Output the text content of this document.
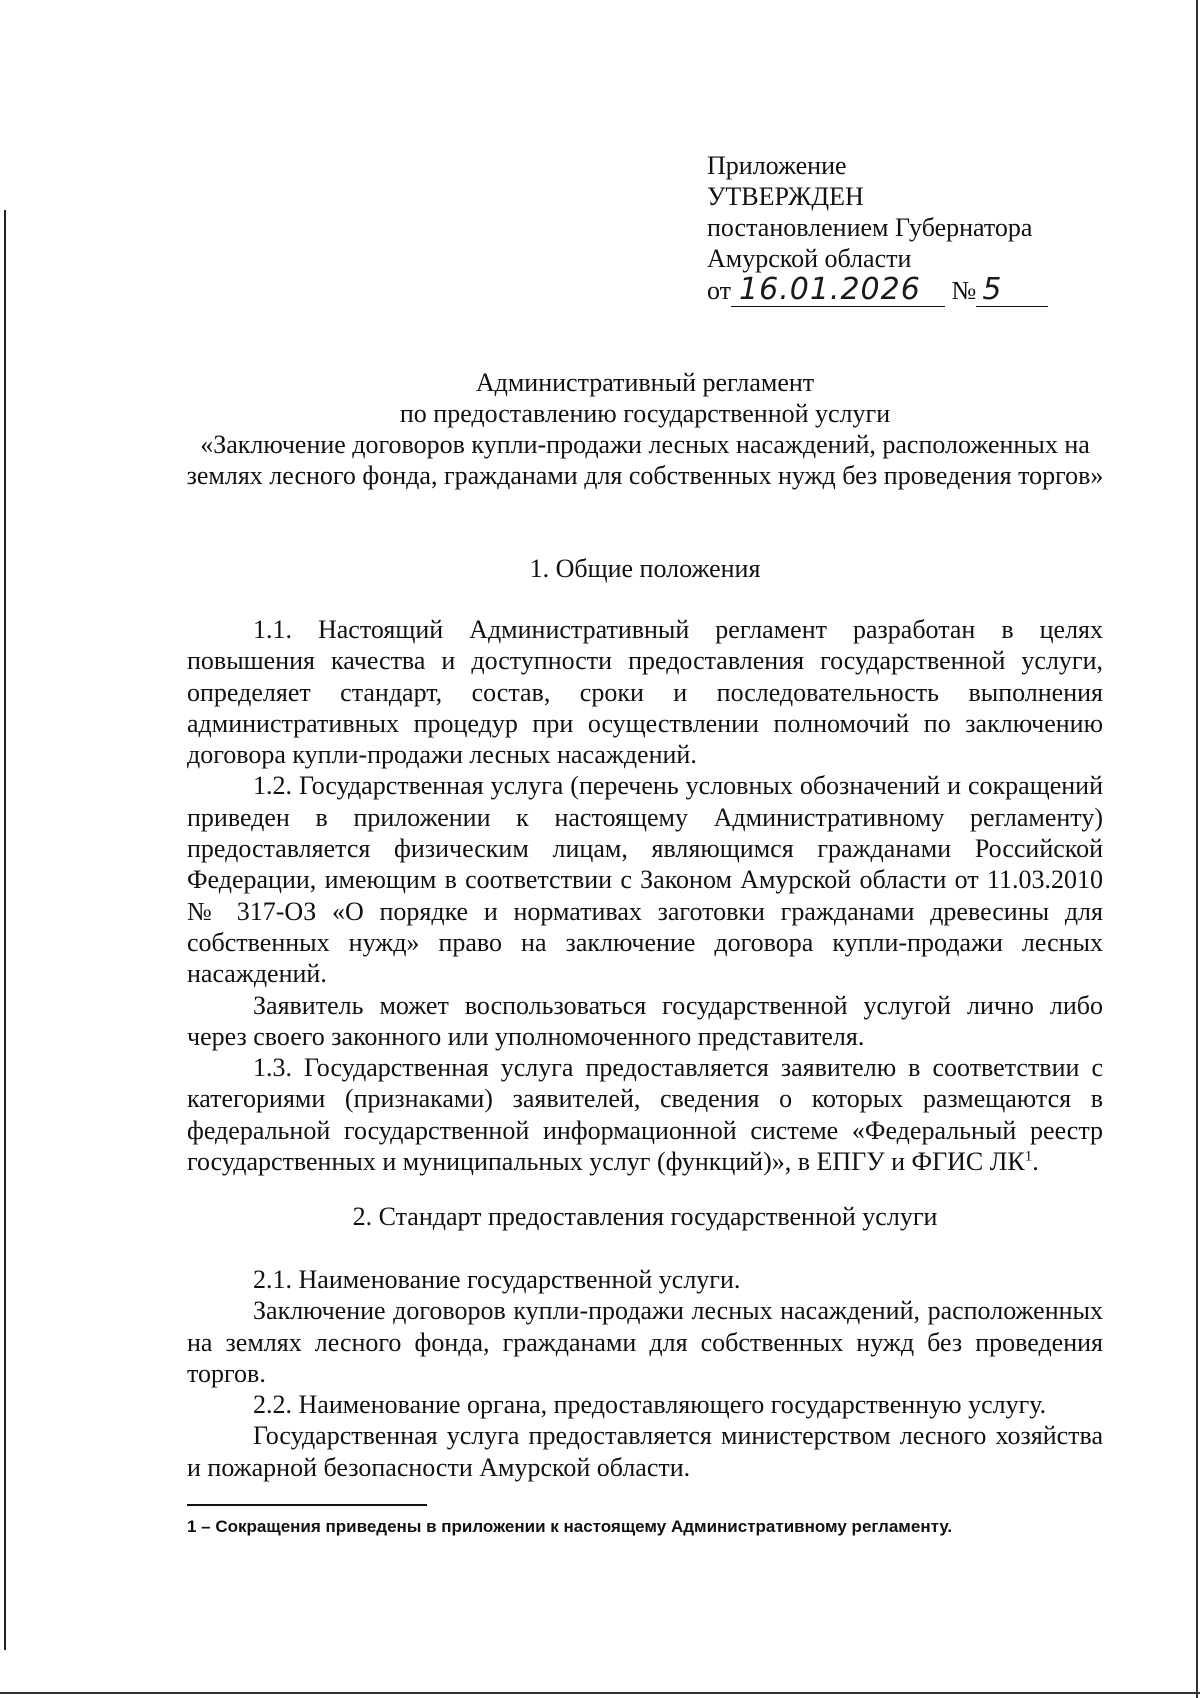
Приложение
УТВЕРЖДЕН
постановлением Губернатора
Амурской области
от 16.01.2026 № 5
Административный регламент
по предоставлению государственной услуги
«Заключение договоров купли-продажи лесных насаждений, расположенных на землях лесного фонда, гражданами для собственных нужд без проведения торгов»
1. Общие положения

1.1. Настоящий Административный регламент разработан в целях повышения качества и доступности предоставления государственной услуги, определяет стандарт, состав, сроки и последовательность выполнения административных процедур при осуществлении полномочий по заключению договора купли-продажи лесных насаждений.

1.2. Государственная услуга (перечень условных обозначений и сокращений приведен в приложении к настоящему Административному регламенту) предоставляется физическим лицам, являющимся гражданами Российской Федерации, имеющим в соответствии с Законом Амурской области от 11.03.2010 № 317-ОЗ «О порядке и нормативах заготовки гражданами древесины для собственных нужд» право на заключение договора купли-продажи лесных насаждений.

Заявитель может воспользоваться государственной услугой лично либо через своего законного или уполномоченного представителя.

1.3. Государственная услуга предоставляется заявителю в соответствии с категориями (признаками) заявителей, сведения о которых размещаются в федеральной государственной информационной системе «Федеральный реестр государственных и муниципальных услуг (функций)», в ЕПГУ и ФГИС $ЛК^1$.

2. Стандарт предоставления государственной услуги

2.1. Наименование государственной услуги.

Заключение договоров купли-продажи лесных насаждений, расположенных на землях лесного фонда, гражданами для собственных нужд без проведения торгов.

2.2. Наименование органа, предоставляющего государственную услугу.

Государственная услуга предоставляется министерством лесного хозяйства и пожарной безопасности Амурской области.

1 – Сокращения приведены в приложении к настоящему Административному регламенту.
